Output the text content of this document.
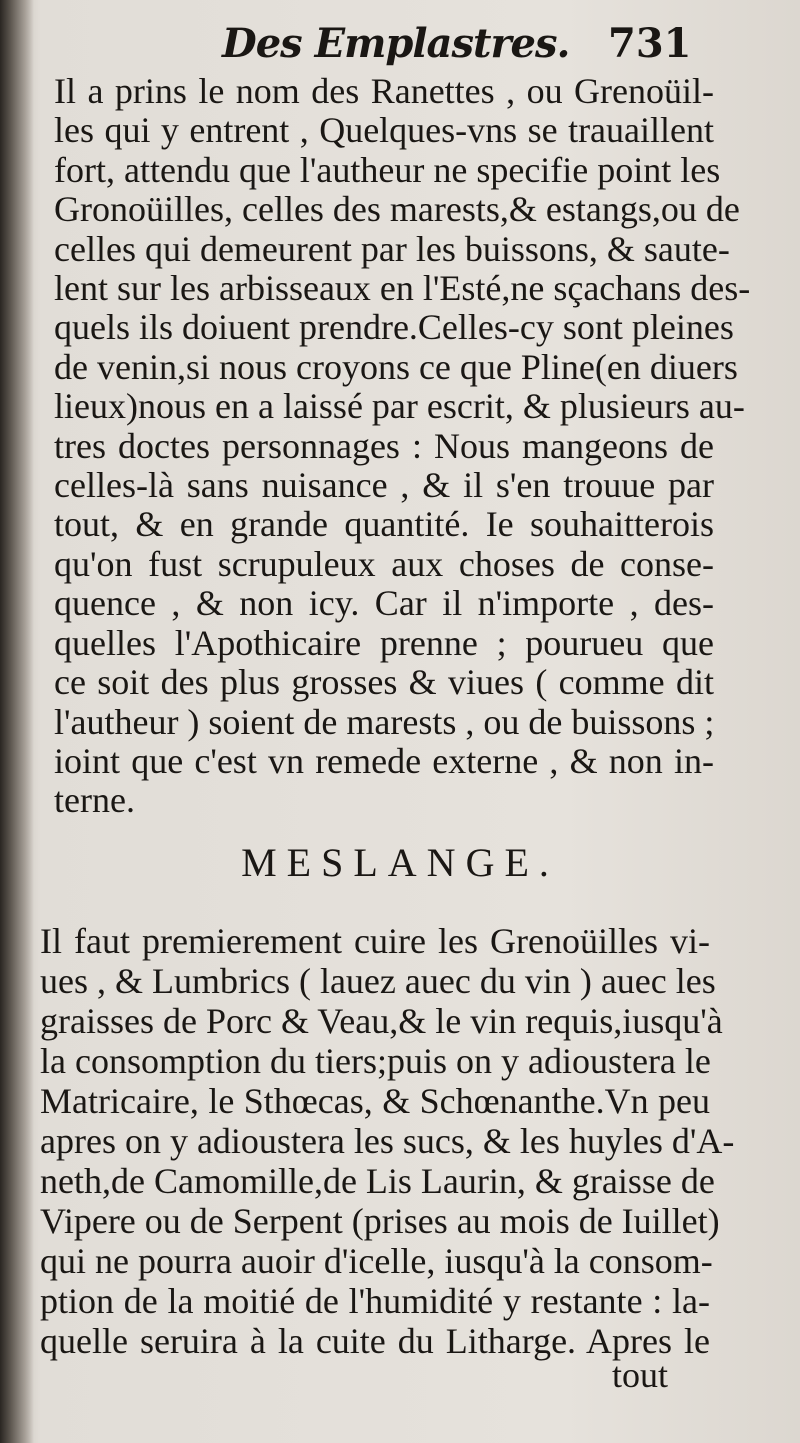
Des Emplastres. 731
Il a prins le nom des Ranettes , ou Grenoüil-
les qui y entrent , Quelques-vns se trauaillent
fort, attendu que l'autheur ne specifie point les
Gronoüilles, celles des marests,& estangs,ou de
celles qui demeurent par les buissons, & saute-
lent sur les arbisseaux en l'Esté,ne sçachans des-
quels ils doiuent prendre.Celles-cy sont pleines
de venin,si nous croyons ce que Pline(en diuers
lieux)nous en a laissé par escrit, & plusieurs au-
tres doctes personnages : Nous mangeons de
celles-là sans nuisance , & il s'en trouue par
tout, & en grande quantité. Ie souhaitterois
qu'on fust scrupuleux aux choses de conse-
quence , & non icy. Car il n'importe , des-
quelles l'Apothicaire prenne ; pourueu que
ce soit des plus grosses & viues ( comme dit
l'autheur ) soient de marests , ou de buissons ;
ioint que c'est vn remede externe , & non in-
terne.
MESLANGE.
Il faut premierement cuire les Grenoüilles vi-
ues , & Lumbrics ( lauez auec du vin ) auec les
graisses de Porc & Veau,& le vin requis,iusqu'à
la consomption du tiers;puis on y adioustera le
Matricaire, le Sthœcas, & Schœnanthe.Vn peu
apres on y adioustera les sucs, & les huyles d'A-
neth,de Camomille,de Lis Laurin, & graisse de
Vipere ou de Serpent (prises au mois de Iuillet)
qui ne pourra auoir d'icelle, iusqu'à la consom-
ption de la moitié de l'humidité y restante : la-
quelle seruira à la cuite du Litharge. Apres le
tout
